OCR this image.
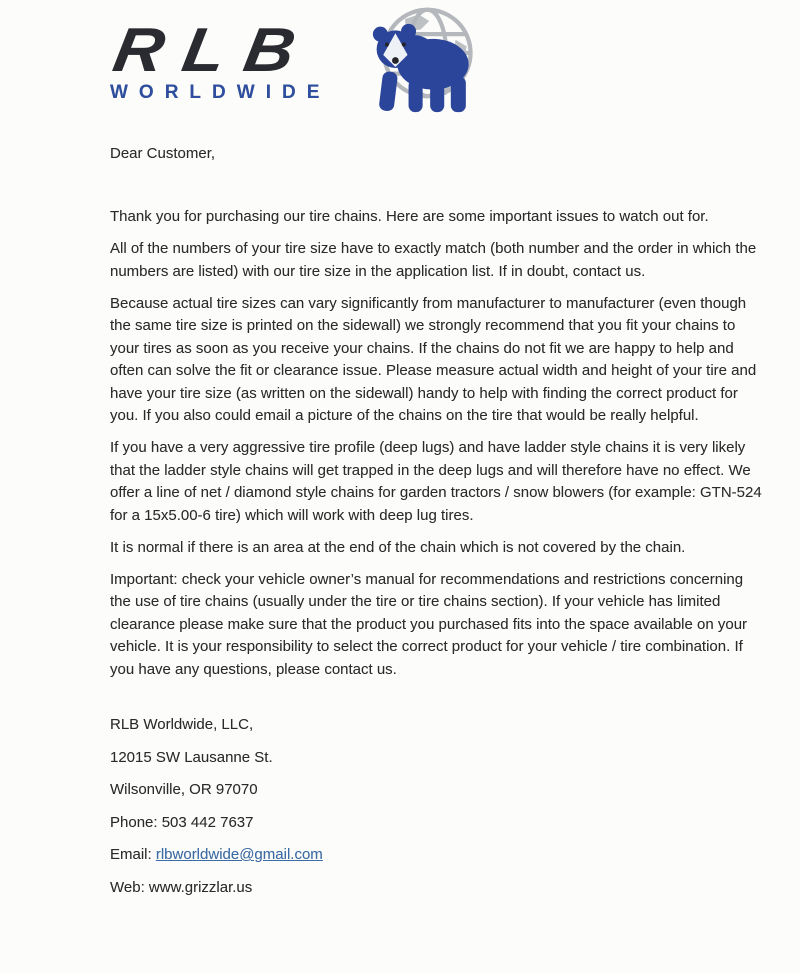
RLB
WORLDWIDE

Dear Customer,

Thank you for purchasing our tire chains. Here are some important issues to watch out for.

All of the numbers of your tire size have to exactly match (both number and the order in which the numbers are listed) with our tire size in the application list. If in doubt, contact us.

Because actual tire sizes can vary significantly from manufacturer to manufacturer (even though the same tire size is printed on the sidewall) we strongly recommend that you fit your chains to your tires as soon as you receive your chains. If the chains do not fit we are happy to help and often can solve the fit or clearance issue. Please measure actual width and height of your tire and have your tire size (as written on the sidewall) handy to help with finding the correct product for you. If you also could email a picture of the chains on the tire that would be really helpful.

If you have a very aggressive tire profile (deep lugs) and have ladder style chains it is very likely that the ladder style chains will get trapped in the deep lugs and will therefore have no effect. We offer a line of net / diamond style chains for garden tractors / snow blowers (for example: GTN-524 for a 15x5.00-6 tire) which will work with deep lug tires.

It is normal if there is an area at the end of the chain which is not covered by the chain.

Important: check your vehicle owner’s manual for recommendations and restrictions concerning the use of tire chains (usually under the tire or tire chains section). If your vehicle has limited clearance please make sure that the product you purchased fits into the space available on your vehicle. It is your responsibility to select the correct product for your vehicle / tire combination. If you have any questions, please contact us.

RLB Worldwide, LLC,

12015 SW Lausanne St.

Wilsonville, OR 97070

Phone: 503 442 7637

Email: rlbworldwide@gmail.com

Web: www.grizzlar.us
